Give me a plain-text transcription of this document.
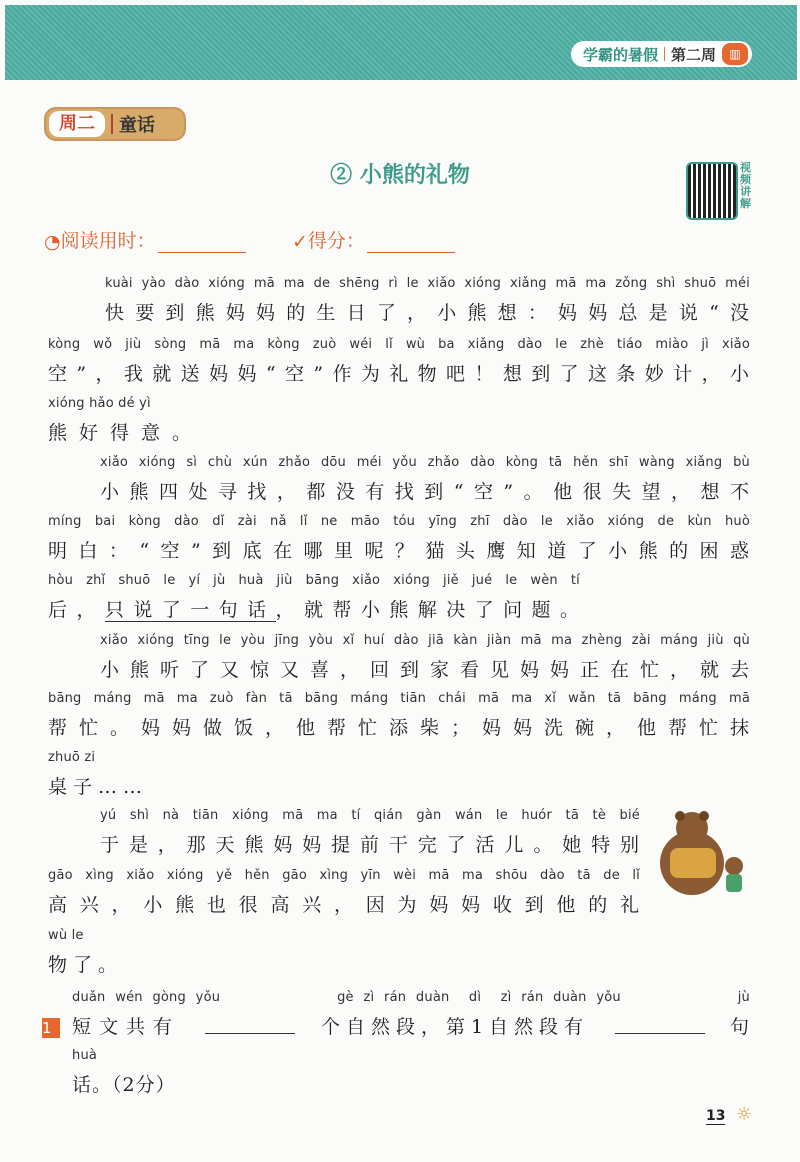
学霸的暑假 第二周	▥
周二	童话
② 小熊的礼物	视频讲解
◔ 阅读用时：	✓ 得分：
kuài yào dào xióng mā ma de shēng rì le xiǎo xióng xiǎng mā ma zǒng shì shuō méi
快要到熊妈妈的生日了，小熊想：妈妈总是说“没
kòng wǒ jiù sòng mā ma kòng zuò wéi lǐ wù ba xiǎng dào le zhè tiáo miào jì xiǎo
空”，我就送妈妈“空”作为礼物吧！想到了这条妙计，小
xióng hǎo dé yì
熊好得意。
xiǎo xióng sì chù xún zhǎo dōu méi yǒu zhǎo dào kòng tā hěn shī wàng xiǎng bù
小熊四处寻找，都没有找到“空”。他很失望，想不
míng bai kòng dào dǐ zài nǎ lǐ ne māo tóu yīng zhī dào le xiǎo xióng de kùn huò
明白：“空”到底在哪里呢？猫头鹰知道了小熊的困惑
hòu zhǐ shuō le yí jù huà jiù bāng xiǎo xióng jiě jué le wèn tí
后，只说了一句话，就帮小熊解决了问题。
xiǎo xióng tīng le yòu jīng yòu xǐ huí dào jiā kàn jiàn mā ma zhèng zài máng jiù qù
小熊听了又惊又喜，回到家看见妈妈正在忙，就去
bāng máng mā ma zuò fàn tā bāng máng tiān chái mā ma xǐ wǎn tā bāng máng mā
帮忙。妈妈做饭，他帮忙添柴；妈妈洗碗，他帮忙抹
zhuō zi
桌子……
yú shì nà tiān xióng mā ma tí qián gàn wán le huór tā tè bié
于是，那天熊妈妈提前干完了活儿。她特别
gāo xìng xiǎo xióng yě hěn gāo xìng yīn wèi mā ma shōu dào tā de lǐ
高兴，小熊也很高兴，因为妈妈收到他的礼
wù le
物了。
duǎn wén gòng yǒu            gè zì rán duàn  dì  zì rán duàn yǒu            jù
1 短文共有	个自然段，第1自然段有	句
huà
话。（2分）
13 ☼
